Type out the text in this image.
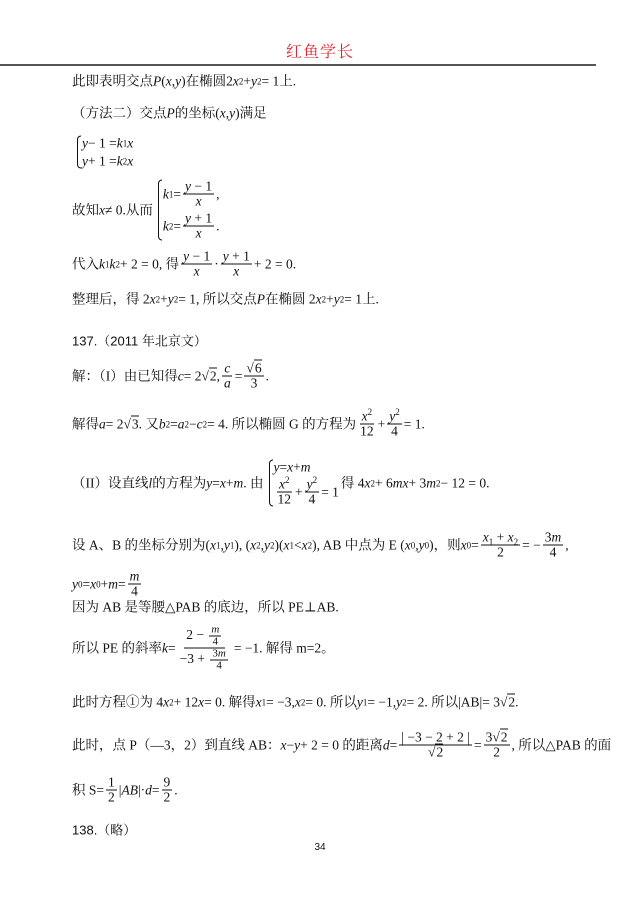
红鱼学长
此即表明交点 P ( x , y )在椭圆2 x 2 + y 2 = 1上.
（方法二）交点 P 的坐标( x , y )满足
y − 1 = k 1 x
y + 1 = k 2 x
故知 x ≠ 0.从而
k $1 = \frac{y - 1}{x}$ ,
k $2 = \frac{y + 1}{x}$ .
代入 k 1 k 2 + 2 = 0, 得 $\frac{y - 1}{x} \cdot \frac{y + 1}{x} + 2 = 0$.
整理后，得 2 x 2 + y 2 = 1, 所以交点 P 在椭圆 2 x 2 + y 2 = 1上.
137.（2011 年北京文）
解：（I）由已知得 c = 2 √2 , $\frac{c}{a} = \frac{√6}{3}$ .
解得 a = 2 √3 . 又 b 2 = a 2 − c 2 = 4. 所以椭圆 G 的方程为 $\frac{x^2}{12} + \frac{y^2}{4} = 1$.
（II）设直线 l 的方程为 y = x + m . 由
y = x + m
$\frac{x^2}{12} + \frac{y^2}{4} = 1$
得 4 x 2 + 6 mx + 3 m 2 − 12 = 0.
设 A、B 的坐标分别为( x 1 , y 1 ), ( x 2 , y 2 )( x 1 < x 2 ), AB 中点为 E ( x 0 , y 0 )，则 x $0 = \frac{x_1 + x_2}{2}$ = − $\frac{3m}{4}$ ,
y 0 = x $0 + m = \frac{m}{4}$
因为 AB 是等腰△PAB 的底边，所以 PE⊥AB.
所以 PE 的斜率 $k = \frac{2 - \frac{m}{4}}{-3 + \frac{3m}{4}} = -1$. 解得 m=2。
此时方程①为 4 x 2 + 12 x = 0. 解得 x 1 = −3, x 2 = 0. 所以 y 1 = −1, y 2 = 2. 所以|AB|= 3 √2 .
此时，点 P（—3，2）到直线 AB： x − y + 2 = 0 的距离 $d = \frac{| -3 - 2 + 2 |}{√2} = \frac{3√2}{2}$ , 所以△PAB 的面
积 $S= \frac{1}{2}$ | AB |· $d = \frac{9}{2}$ .
138.（略）
34
